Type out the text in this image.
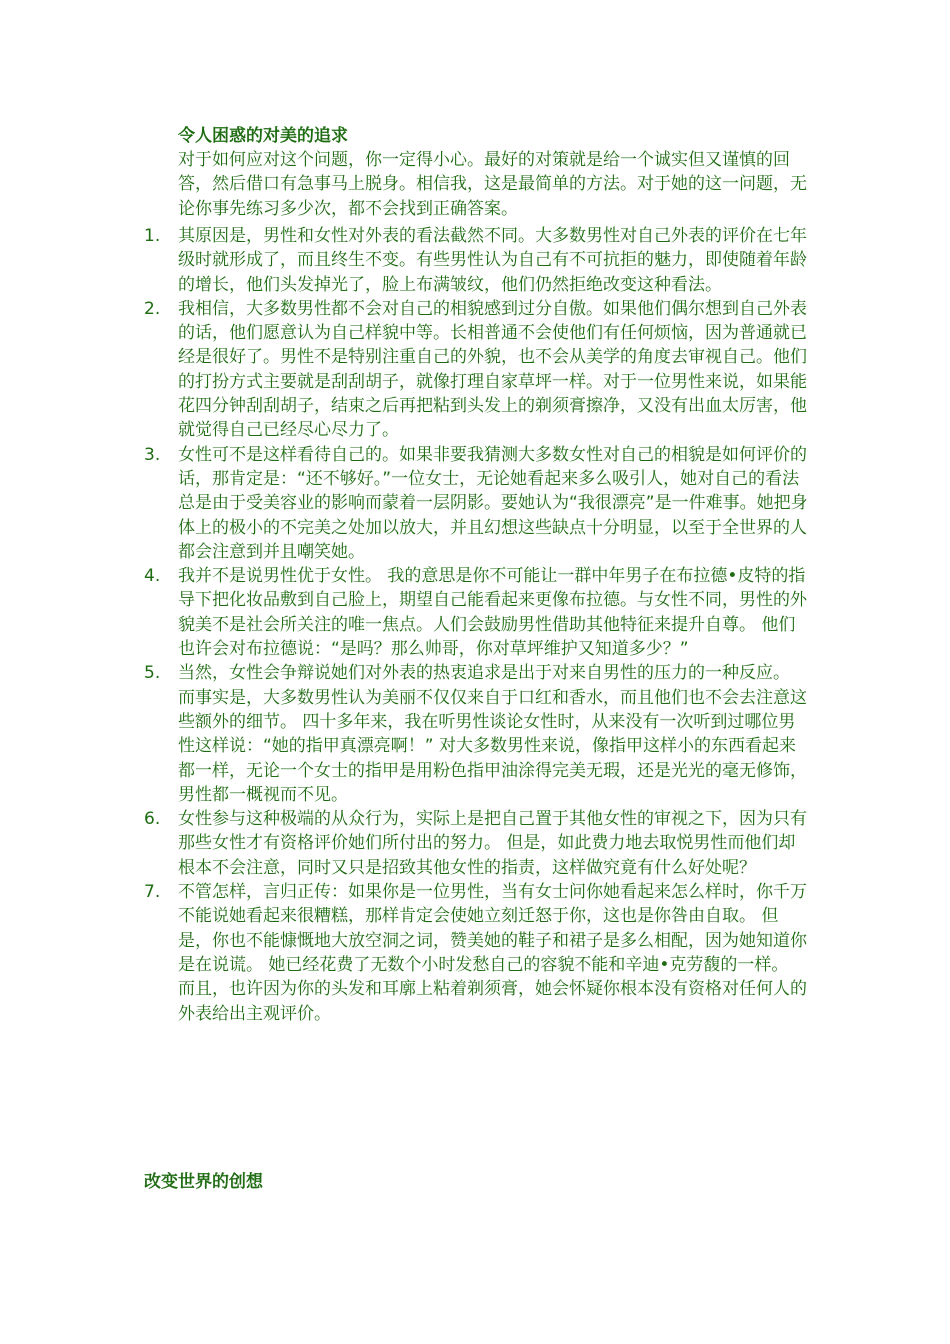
令人困惑的对美的追求

对于如何应对这个问题，你一定得小心。最好的对策就是给一个诚实但又谨慎的回答，然后借口有急事马上脱身。相信我，这是最简单的方法。对于她的这一问题，无论你事先练习多少次，都不会找到正确答案。

1. 其原因是，男性和女性对外表的看法截然不同。大多数男性对自己外表的评价在七年级时就形成了，而且终生不变。有些男性认为自己有不可抗拒的魅力，即使随着年龄的增长，他们头发掉光了，脸上布满皱纹，他们仍然拒绝改变这种看法。
2. 我相信，大多数男性都不会对自己的相貌感到过分自傲。如果他们偶尔想到自己外表的话，他们愿意认为自己样貌中等。长相普通不会使他们有任何烦恼，因为普通就已经是很好了。男性不是特别注重自己的外貌，也不会从美学的角度去审视自己。他们的打扮方式主要就是刮刮胡子，就像打理自家草坪一样。对于一位男性来说，如果能花四分钟刮刮胡子，结束之后再把粘到头发上的剃须膏擦净，又没有出血太厉害，他就觉得自己已经尽心尽力了。
3. 女性可不是这样看待自己的。如果非要我猜测大多数女性对自己的相貌是如何评价的话，那肯定是：“还不够好。”一位女士，无论她看起来多么吸引人，她对自己的看法总是由于受美容业的影响而蒙着一层阴影。要她认为“我很漂亮”是一件难事。她把身体上的极小的不完美之处加以放大，并且幻想这些缺点十分明显，以至于全世界的人都会注意到并且嘲笑她。
4. 我并不是说男性优于女性。 我的意思是你不可能让一群中年男子在布拉德•皮特的指导下把化妆品敷到自己脸上，期望自己能看起来更像布拉德。与女性不同，男性的外貌美不是社会所关注的唯一焦点。人们会鼓励男性借助其他特征来提升自尊。 他们也许会对布拉德说：“是吗？那么帅哥，你对草坪维护又知道多少？”
5. 当然，女性会争辩说她们对外表的热衷追求是出于对来自男性的压力的一种反应。 而事实是，大多数男性认为美丽不仅仅来自于口红和香水，而且他们也不会去注意这些额外的细节。 四十多年来，我在听男性谈论女性时，从来没有一次听到过哪位男性这样说：“她的指甲真漂亮啊！” 对大多数男性来说，像指甲这样小的东西看起来都一样，无论一个女士的指甲是用粉色指甲油涂得完美无瑕，还是光光的毫无修饰，男性都一概视而不见。
6. 女性参与这种极端的从众行为，实际上是把自己置于其他女性的审视之下，因为只有那些女性才有资格评价她们所付出的努力。 但是，如此费力地去取悦男性而他们却根本不会注意，同时又只是招致其他女性的指责，这样做究竟有什么好处呢？
7. 不管怎样，言归正传：如果你是一位男性，当有女士问你她看起来怎么样时，你千万不能说她看起来很糟糕，那样肯定会使她立刻迁怒于你，这也是你咎由自取。 但是，你也不能慷慨地大放空洞之词，赞美她的鞋子和裙子是多么相配，因为她知道你是在说谎。 她已经花费了无数个小时发愁自己的容貌不能和辛迪•克劳馥的一样。 而且，也许因为你的头发和耳廓上粘着剃须膏，她会怀疑你根本没有资格对任何人的外表给出主观评价。
改变世界的创想
